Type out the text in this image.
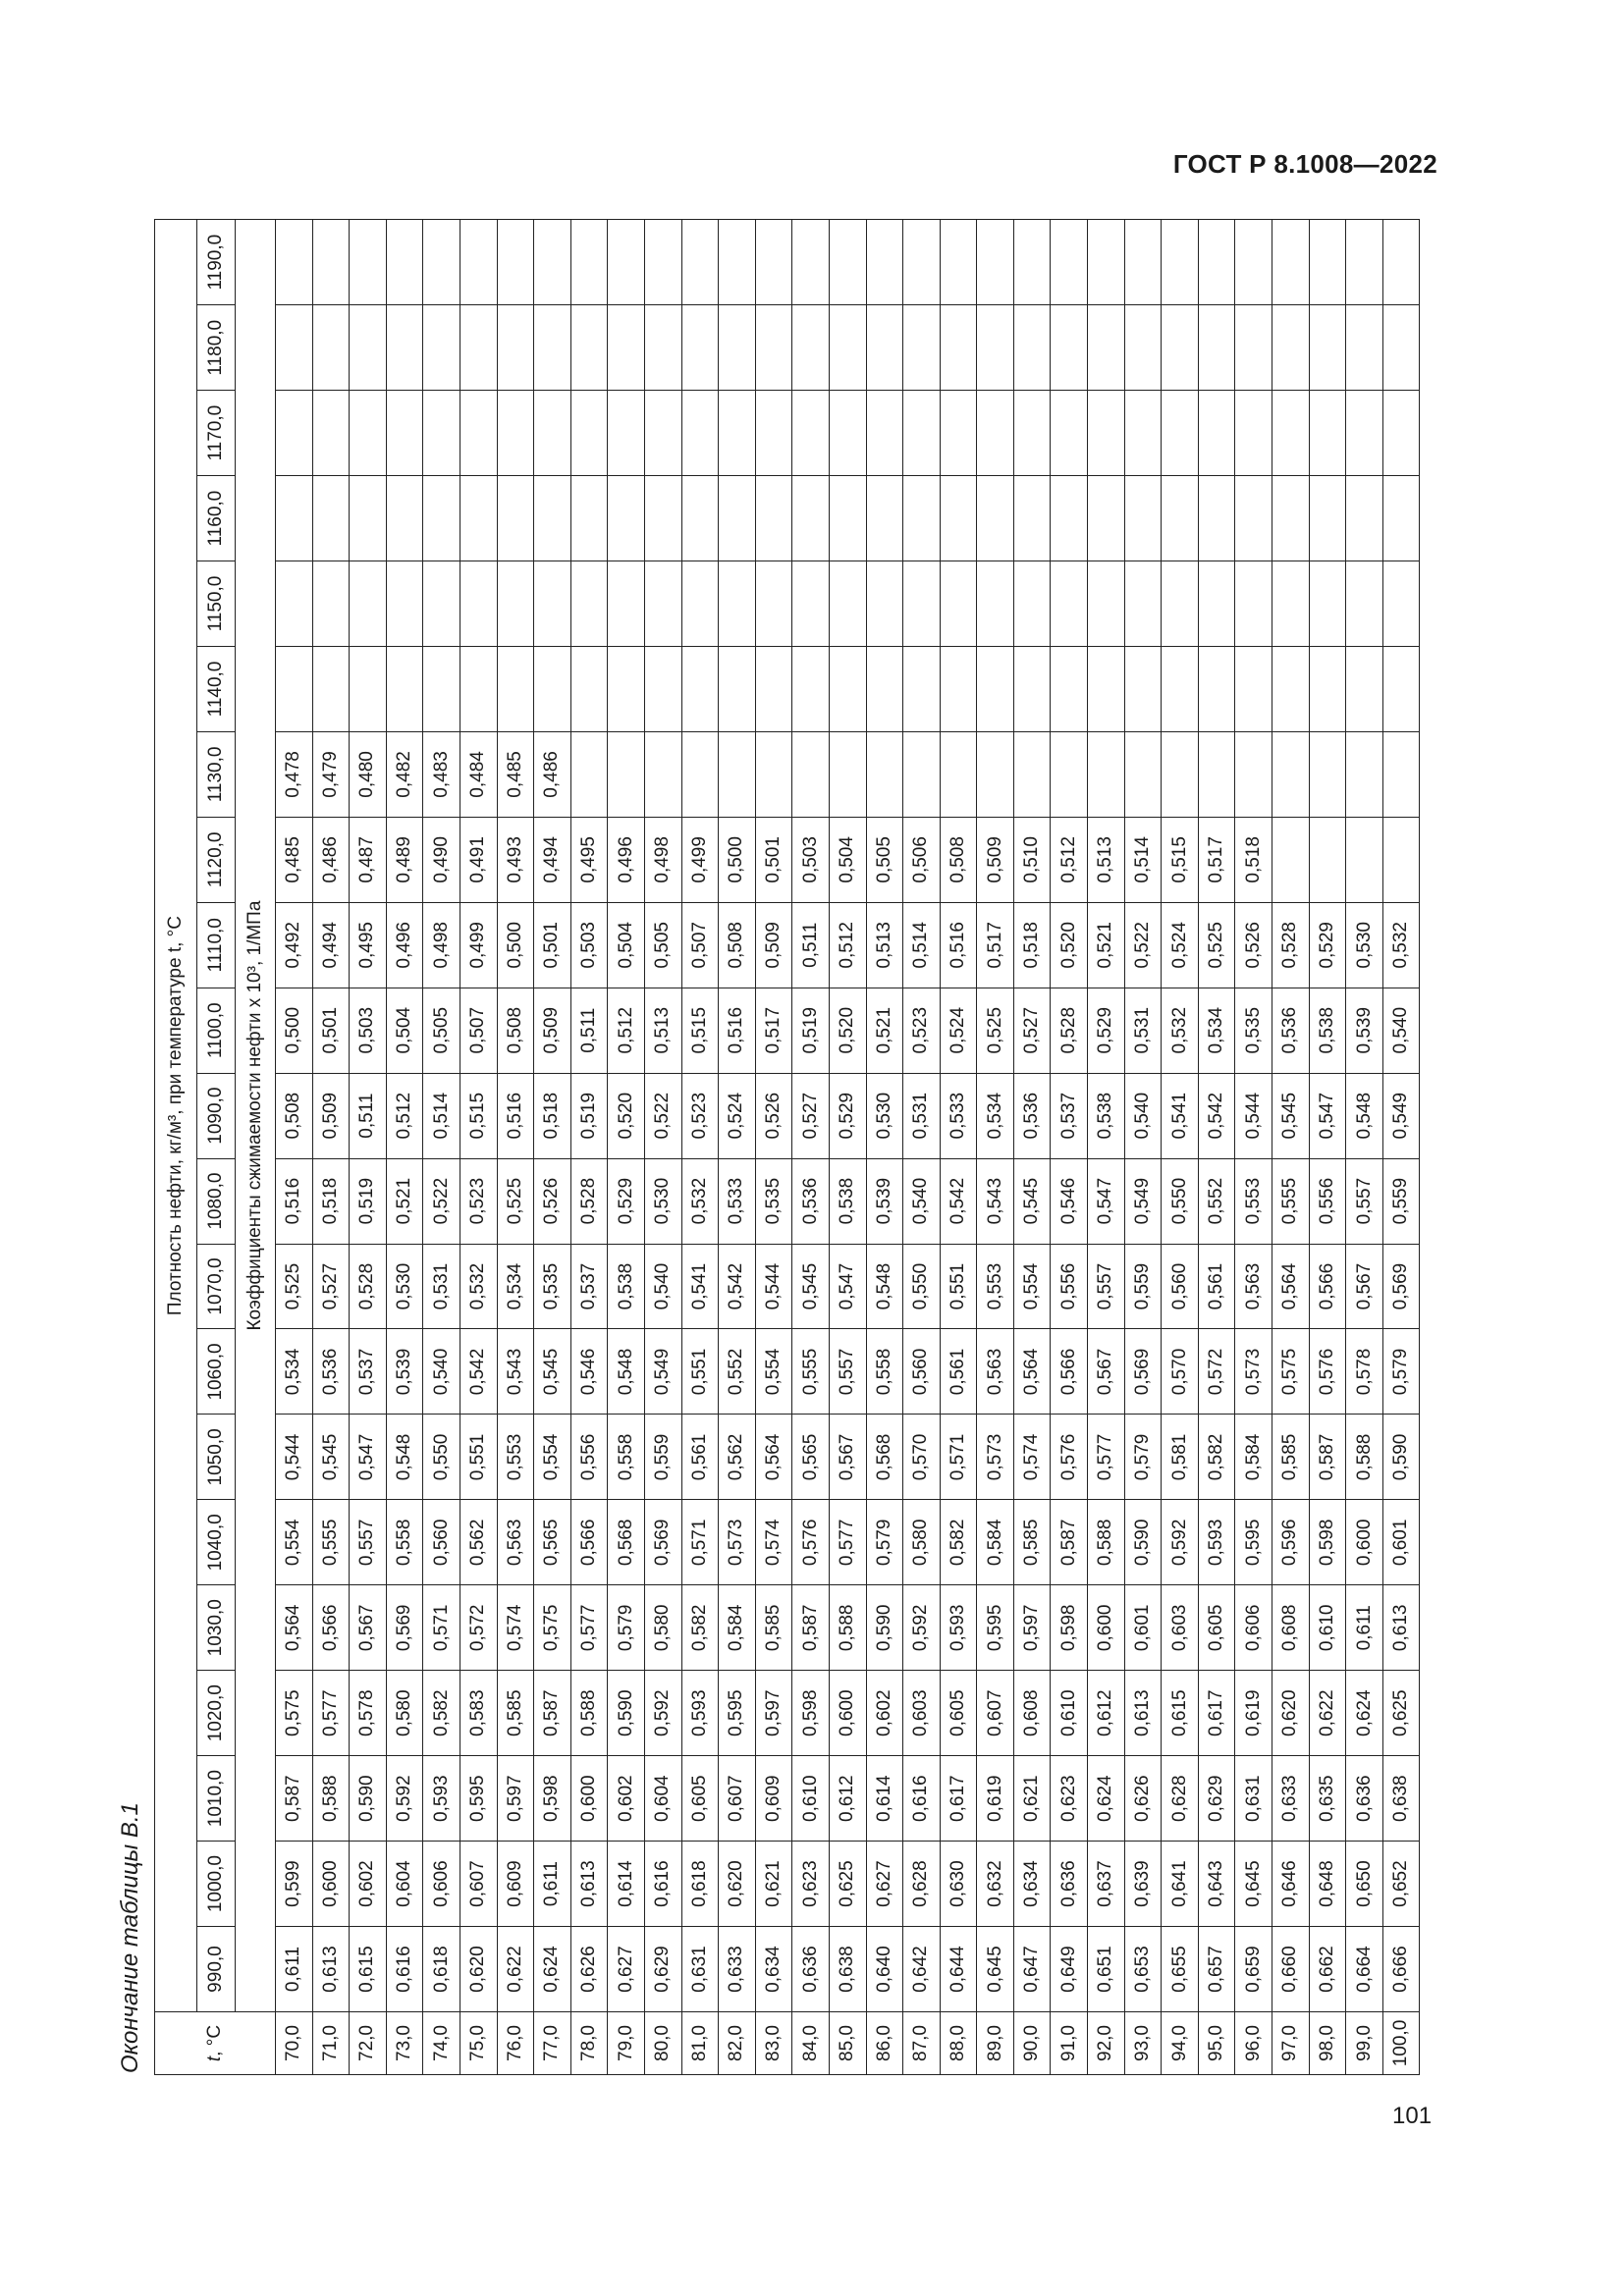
ГОСТ Р 8.1008—2022
Окончание таблицы В.1	t, °С	Плотность нефти, кг/м³, при температуре t, °С																				
	990,0	1000,0	1010,0	1020,0	1030,0	1040,0	1050,0	1060,0	1070,0	1080,0	1090,0	1100,0	1110,0	1120,0	1130,0	1140,0	1150,0	1160,0	1170,0	1180,0	1190,0
	Коэффициенты сжимаемости нефти x 10³, 1/МПа																				
70,0	0,611	0,599	0,587	0,575	0,564	0,554	0,544	0,534	0,525	0,516	0,508	0,500	0,492	0,485	0,478						
71,0	0,613	0,600	0,588	0,577	0,566	0,555	0,545	0,536	0,527	0,518	0,509	0,501	0,494	0,486	0,479						
72,0	0,615	0,602	0,590	0,578	0,567	0,557	0,547	0,537	0,528	0,519	0,511	0,503	0,495	0,487	0,480						
73,0	0,616	0,604	0,592	0,580	0,569	0,558	0,548	0,539	0,530	0,521	0,512	0,504	0,496	0,489	0,482						
74,0	0,618	0,606	0,593	0,582	0,571	0,560	0,550	0,540	0,531	0,522	0,514	0,505	0,498	0,490	0,483						
75,0	0,620	0,607	0,595	0,583	0,572	0,562	0,551	0,542	0,532	0,523	0,515	0,507	0,499	0,491	0,484						
76,0	0,622	0,609	0,597	0,585	0,574	0,563	0,553	0,543	0,534	0,525	0,516	0,508	0,500	0,493	0,485						
77,0	0,624	0,611	0,598	0,587	0,575	0,565	0,554	0,545	0,535	0,526	0,518	0,509	0,501	0,494	0,486						
78,0	0,626	0,613	0,600	0,588	0,577	0,566	0,556	0,546	0,537	0,528	0,519	0,511	0,503	0,495							
79,0	0,627	0,614	0,602	0,590	0,579	0,568	0,558	0,548	0,538	0,529	0,520	0,512	0,504	0,496							
80,0	0,629	0,616	0,604	0,592	0,580	0,569	0,559	0,549	0,540	0,530	0,522	0,513	0,505	0,498							
81,0	0,631	0,618	0,605	0,593	0,582	0,571	0,561	0,551	0,541	0,532	0,523	0,515	0,507	0,499							
82,0	0,633	0,620	0,607	0,595	0,584	0,573	0,562	0,552	0,542	0,533	0,524	0,516	0,508	0,500							
83,0	0,634	0,621	0,609	0,597	0,585	0,574	0,564	0,554	0,544	0,535	0,526	0,517	0,509	0,501							
84,0	0,636	0,623	0,610	0,598	0,587	0,576	0,565	0,555	0,545	0,536	0,527	0,519	0,511	0,503							
85,0	0,638	0,625	0,612	0,600	0,588	0,577	0,567	0,557	0,547	0,538	0,529	0,520	0,512	0,504							
86,0	0,640	0,627	0,614	0,602	0,590	0,579	0,568	0,558	0,548	0,539	0,530	0,521	0,513	0,505							
87,0	0,642	0,628	0,616	0,603	0,592	0,580	0,570	0,560	0,550	0,540	0,531	0,523	0,514	0,506							
88,0	0,644	0,630	0,617	0,605	0,593	0,582	0,571	0,561	0,551	0,542	0,533	0,524	0,516	0,508							
89,0	0,645	0,632	0,619	0,607	0,595	0,584	0,573	0,563	0,553	0,543	0,534	0,525	0,517	0,509							
90,0	0,647	0,634	0,621	0,608	0,597	0,585	0,574	0,564	0,554	0,545	0,536	0,527	0,518	0,510							
91,0	0,649	0,636	0,623	0,610	0,598	0,587	0,576	0,566	0,556	0,546	0,537	0,528	0,520	0,512							
92,0	0,651	0,637	0,624	0,612	0,600	0,588	0,577	0,567	0,557	0,547	0,538	0,529	0,521	0,513							
93,0	0,653	0,639	0,626	0,613	0,601	0,590	0,579	0,569	0,559	0,549	0,540	0,531	0,522	0,514							
94,0	0,655	0,641	0,628	0,615	0,603	0,592	0,581	0,570	0,560	0,550	0,541	0,532	0,524	0,515							
95,0	0,657	0,643	0,629	0,617	0,605	0,593	0,582	0,572	0,561	0,552	0,542	0,534	0,525	0,517							
96,0	0,659	0,645	0,631	0,619	0,606	0,595	0,584	0,573	0,563	0,553	0,544	0,535	0,526	0,518							
97,0	0,660	0,646	0,633	0,620	0,608	0,596	0,585	0,575	0,564	0,555	0,545	0,536	0,528								
98,0	0,662	0,648	0,635	0,622	0,610	0,598	0,587	0,576	0,566	0,556	0,547	0,538	0,529								
99,0	0,664	0,650	0,636	0,624	0,611	0,600	0,588	0,578	0,567	0,557	0,548	0,539	0,530								
100,0	0,666	0,652	0,638	0,625	0,613	0,601	0,590	0,579	0,569	0,559	0,549	0,540	0,532								
101
